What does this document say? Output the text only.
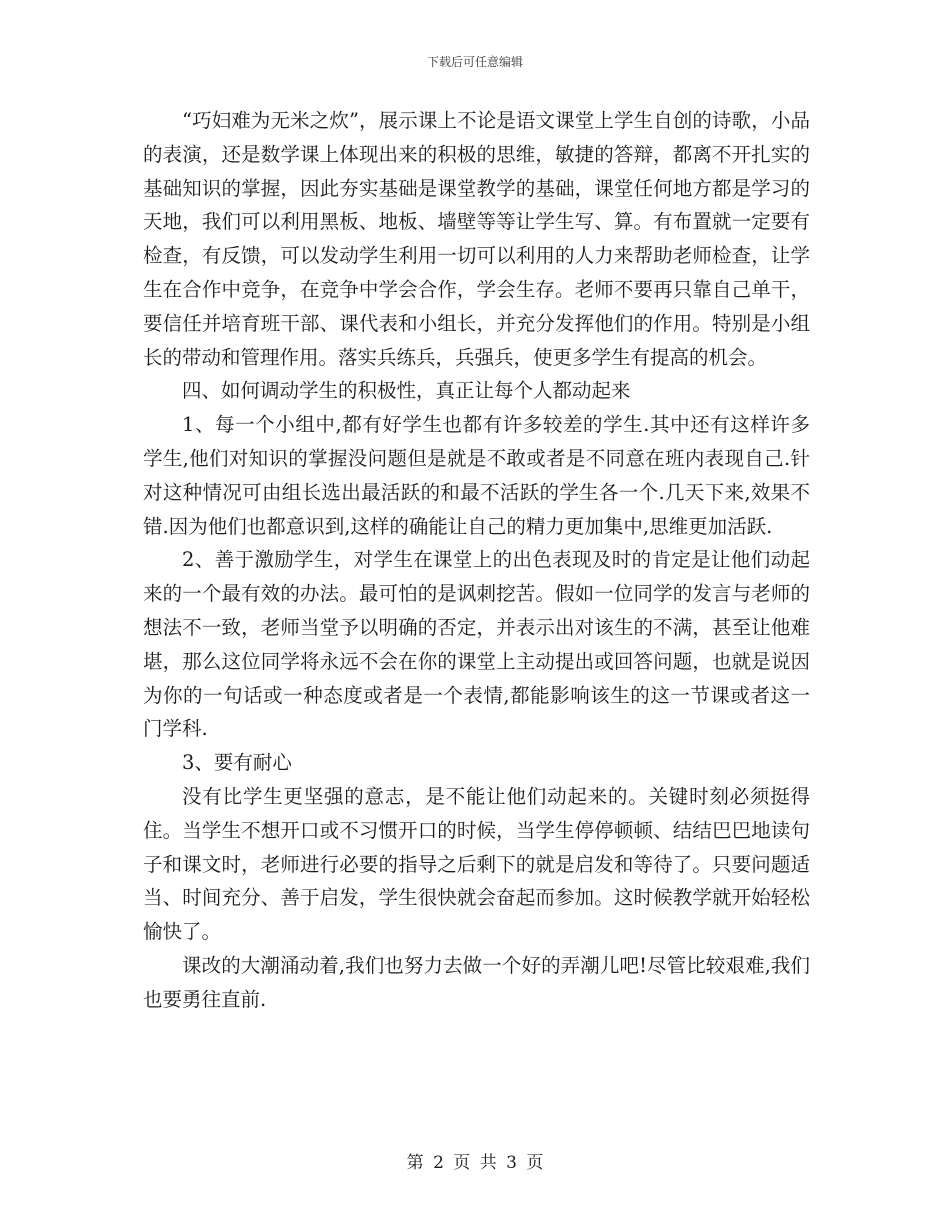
下载后可任意编辑

“巧妇难为无米之炊”，展示课上不论是语文课堂上学生自创的诗歌，小品的表演，还是数学课上体现出来的积极的思维，敏捷的答辩，都离不开扎实的基础知识的掌握，因此夯实基础是课堂教学的基础，课堂任何地方都是学习的天地，我们可以利用黑板、地板、墙壁等等让学生写、算。有布置就一定要有检查，有反馈，可以发动学生利用一切可以利用的人力来帮助老师检查，让学生在合作中竞争，在竞争中学会合作，学会生存。老师不要再只靠自己单干，要信任并培育班干部、课代表和小组长，并充分发挥他们的作用。特别是小组长的带动和管理作用。落实兵练兵，兵强兵，使更多学生有提高的机会。

四、如何调动学生的积极性，真正让每个人都动起来

1、每一个小组中,都有好学生也都有许多较差的学生.其中还有这样许多学生,他们对知识的掌握没问题但是就是不敢或者是不同意在班内表现自己.针对这种情况可由组长选出最活跃的和最不活跃的学生各一个.几天下来,效果不错.因为他们也都意识到,这样的确能让自己的精力更加集中,思维更加活跃.

2、善于激励学生，对学生在课堂上的出色表现及时的肯定是让他们动起来的一个最有效的办法。最可怕的是讽刺挖苦。假如一位同学的发言与老师的想法不一致，老师当堂予以明确的否定，并表示出对该生的不满，甚至让他难堪，那么这位同学将永远不会在你的课堂上主动提出或回答问题，也就是说因为你的一句话或一种态度或者是一个表情,都能影响该生的这一节课或者这一门学科.

3、要有耐心

没有比学生更坚强的意志，是不能让他们动起来的。关键时刻必须挺得住。当学生不想开口或不习惯开口的时候，当学生停停顿顿、结结巴巴地读句子和课文时，老师进行必要的指导之后剩下的就是启发和等待了。只要问题适当、时间充分、善于启发，学生很快就会奋起而参加。这时候教学就开始轻松愉快了。

课改的大潮涌动着,我们也努力去做一个好的弄潮儿吧!尽管比较艰难,我们也要勇往直前.

第 2 页 共 3 页
